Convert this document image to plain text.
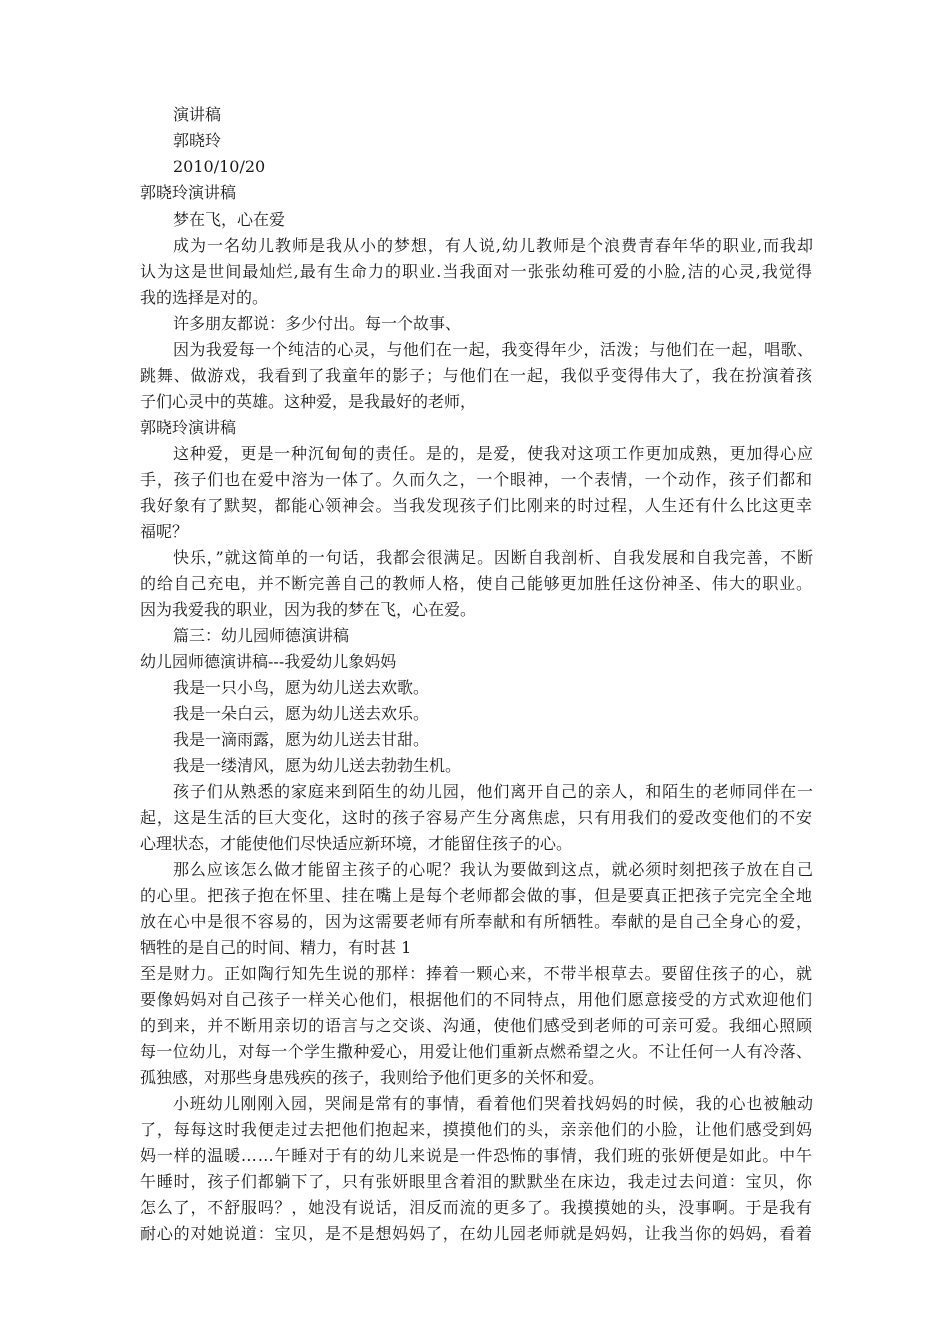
演讲稿
郭晓玲
2010/10/20
郭晓玲演讲稿
梦在飞，心在爱
成为一名幼儿教师是我从小的梦想，有人说,幼儿教师是个浪费青春年华的职业,而我却
认为这是世间最灿烂,最有生命力的职业.当我面对一张张幼稚可爱的小脸,洁的心灵,我觉得
我的选择是对的。
许多朋友都说：多少付出。每一个故事、
因为我爱每一个纯洁的心灵，与他们在一起，我变得年少，活泼；与他们在一起，唱歌、
跳舞、做游戏，我看到了我童年的影子；与他们在一起，我似乎变得伟大了，我在扮演着孩
子们心灵中的英雄。这种爱，是我最好的老师，
郭晓玲演讲稿
这种爱，更是一种沉甸甸的责任。是的，是爱，使我对这项工作更加成熟，更加得心应
手，孩子们也在爱中溶为一体了。久而久之，一个眼神，一个表情，一个动作，孩子们都和
我好象有了默契，都能心领神会。当我发现孩子们比刚来的时过程，人生还有什么比这更幸
福呢？
快乐，”就这简单的一句话，我都会很满足。因断自我剖析、自我发展和自我完善，不断
的给自己充电，并不断完善自己的教师人格，使自己能够更加胜任这份神圣、伟大的职业。
因为我爱我的职业，因为我的梦在飞，心在爱。
篇三：幼儿园师德演讲稿
幼儿园师德演讲稿---我爱幼儿象妈妈
我是一只小鸟，愿为幼儿送去欢歌。
我是一朵白云，愿为幼儿送去欢乐。
我是一滴雨露，愿为幼儿送去甘甜。
我是一缕清风，愿为幼儿送去勃勃生机。
孩子们从熟悉的家庭来到陌生的幼儿园，他们离开自己的亲人，和陌生的老师同伴在一
起，这是生活的巨大变化，这时的孩子容易产生分离焦虑，只有用我们的爱改变他们的不安
心理状态，才能使他们尽快适应新环境，才能留住孩子的心。
那么应该怎么做才能留主孩子的心呢？我认为要做到这点，就必须时刻把孩子放在自己
的心里。把孩子抱在怀里、挂在嘴上是每个老师都会做的事，但是要真正把孩子完完全全地
放在心中是很不容易的，因为这需要老师有所奉献和有所牺牲。奉献的是自己全身心的爱，
牺牲的是自己的时间、精力，有时甚 1
至是财力。正如陶行知先生说的那样：捧着一颗心来，不带半根草去。要留住孩子的心，就
要像妈妈对自己孩子一样关心他们，根据他们的不同特点，用他们愿意接受的方式欢迎他们
的到来，并不断用亲切的语言与之交谈、沟通，使他们感受到老师的可亲可爱。我细心照顾
每一位幼儿，对每一个学生撒种爱心，用爱让他们重新点燃希望之火。不让任何一人有冷落、
孤独感，对那些身患残疾的孩子，我则给予他们更多的关怀和爱。
小班幼儿刚刚入园，哭闹是常有的事情，看着他们哭着找妈妈的时候，我的心也被触动
了，每每这时我便走过去把他们抱起来，摸摸他们的头，亲亲他们的小脸，让他们感受到妈
妈一样的温暖……午睡对于有的幼儿来说是一件恐怖的事情，我们班的张妍便是如此。中午
午睡时，孩子们都躺下了，只有张妍眼里含着泪的默默坐在床边，我走过去问道：宝贝，你
怎么了，不舒服吗？，她没有说话，泪反而流的更多了。我摸摸她的头，没事啊。于是我有
耐心的对她说道：宝贝，是不是想妈妈了，在幼儿园老师就是妈妈，让我当你的妈妈，看着
